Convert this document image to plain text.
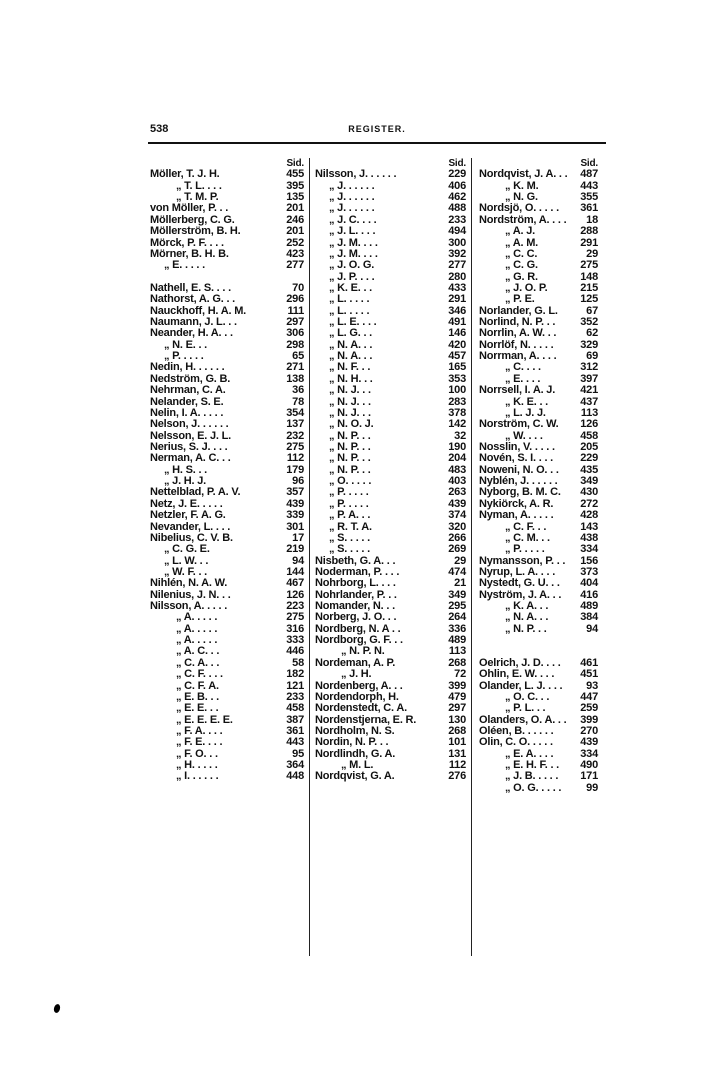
538	REGISTER.
Sid.
Möller, T. J. H.	455
„ T. L. . . .	395
„ T. M. P.	135
von Möller, P. . .	201
Möllerberg, C. G.	246
Möllerström, B. H.	201
Mörck, P. F. . . .	252
Mörner, B. H. B.	423
„ E. . . . .	277
Nathell, E. S. . . .	70
Nathorst, A. G. . .	296
Nauckhoff, H. A. M.	111
Naumann, J. L. . .	297
Neander, H. A. . .	306
„ N. E. . .	298
„ P. . . . .	65
Nedin, H. . . . . .	271
Nedström, G. B.	138
Nehrman, C. A.	36
Nelander, S. E.	78
Nelin, I. A. . . . .	354
Nelson, J. . . . . .	137
Nelsson, E. J. L.	232
Nerius, S. J. . . .	275
Nerman, A. C. . .	112
„ H. S. . .	179
„ J. H. J.	96
Nettelblad, P. A. V.	357
Netz, J. E. . . . .	439
Netzler, F. A. G.	339
Nevander, L. . . .	301
Nibelius, C. V. B.	17
„ C. G. E.	219
„ L. W. . .	94
„ W. F. . .	144
Nihlén, N. A. W.	467
Nilenius, J. N. . .	126
Nilsson, A. . . . .	223
„ A. . . . .	275
„ A. . . . .	316
„ A. . . . .	333
„ A. C. . .	446
„ C. A. . .	58
„ C. F. . . .	182
„ C. F. A.	121
„ E. B. . .	233
„ E. E. . .	458
„ E. E. E. E.	387
„ F. A. . . .	361
„ F. E. . . .	443
„ F. O. . .	95
„ H. . . . .	364
„ I. . . . . .	448
Sid.
Nilsson, J. . . . . .	229
„ J. . . . . .	406
„ J. . . . . .	462
„ J. . . . . .	488
„ J. C. . . .	233
„ J. L. . . .	494
„ J. M. . . .	300
„ J. M. . . .	392
„ J. O. G.	277
„ J. P. . . .	280
„ K. E. . .	433
„ L. . . . .	291
„ L. . . . .	346
„ L. E. . . .	491
„ L. G. . .	146
„ N. A. . .	420
„ N. A. . .	457
„ N. F. . .	165
„ N. H. . .	353
„ N. J. . .	100
„ N. J. . .	283
„ N. J. . .	378
„ N. O. J.	142
„ N. P. . .	32
„ N. P. . .	190
„ N. P. . .	204
„ N. P. . .	483
„ O. . . . .	403
„ P. . . . .	263
„ P. . . . .	439
„ P. A. . .	374
„ R. T. A.	320
„ S. . . . .	266
„ S. . . . .	269
Nisbeth, G. A. . .	29
Noderman, P. . . .	474
Nohrborg, L. . . .	21
Nohrlander, P. . .	349
Nomander, N. . .	295
Norberg, J. O. . .	264
Nordberg, N. A . .	336
Nordborg, G. F. . .	489
„ N. P. N.	113
Nordeman, A. P.	268
„ J. H.	72
Nordenberg, A. . .	399
Nordendorph, H.	479
Nordenstedt, C. A.	297
Nordenstjerna, E. R.	130
Nordholm, N. S.	268
Nordin, N. P. . .	101
Nordlindh, G. A.	131
„ M. L.	112
Nordqvist, G. A.	276
Sid.
Nordqvist, J. A. . . 487
„ K. M.	443
„ N. G.	355
Nordsjö, O. . . . . 361
Nordström, A. . . . 18
„ A. J.	288
„ A. M.	291
„ C. C.	29
„ C. G.	275
„ G. R.	148
„ J. O. P.	215
„ P. E.	125
Norlander, G. L.	67
Norlind, N. P. . . 352
Norrlin, A. W. . .	62
Norrlöf, N. . . . . 329
Norrman, A. . . .	69
„ C. . . .	312
„ E. . . .	397
Norrsell, I. A. J. 421
„ K. E. . .	437
„ L. J. J.	113
Norström, C. W. 126
„ W. . . .	458
Nosslin, V. . . . . 205
Novén, S. I. . . . 229
Noweni, N. O. . . 435
Nyblén, J. . . . . . 349
Nyborg, B. M. C. 430
Nykiörck, A. R. 272
Nyman, A. . . . . 428
„ C. F. . .	143
„ C. M. . .	438
„ P. . . . .	334
Nymansson, P. . . 156
Nyrup, L. A. . . . 373
Nystedt, G. U. . . 404
Nyström, J. A. . . 416
„ K. A. . .	489
„ N. A. . .	384
„ N. P. . .	94
Oelrich, J. D. . . . 461
Ohlin, E. W. . . . 451
Olander, L. J. . . . 93
„ O. C. . .	447
„ P. L. . .	259
Olanders, O. A. . . 399
Oléen, B. . . . . . 270
Olin, C. O. . . . . 439
„ E. A. . . . 334
„ E. H. F. . . 490
„ J. B. . . . . 171
„ O. G. . . . . 99
